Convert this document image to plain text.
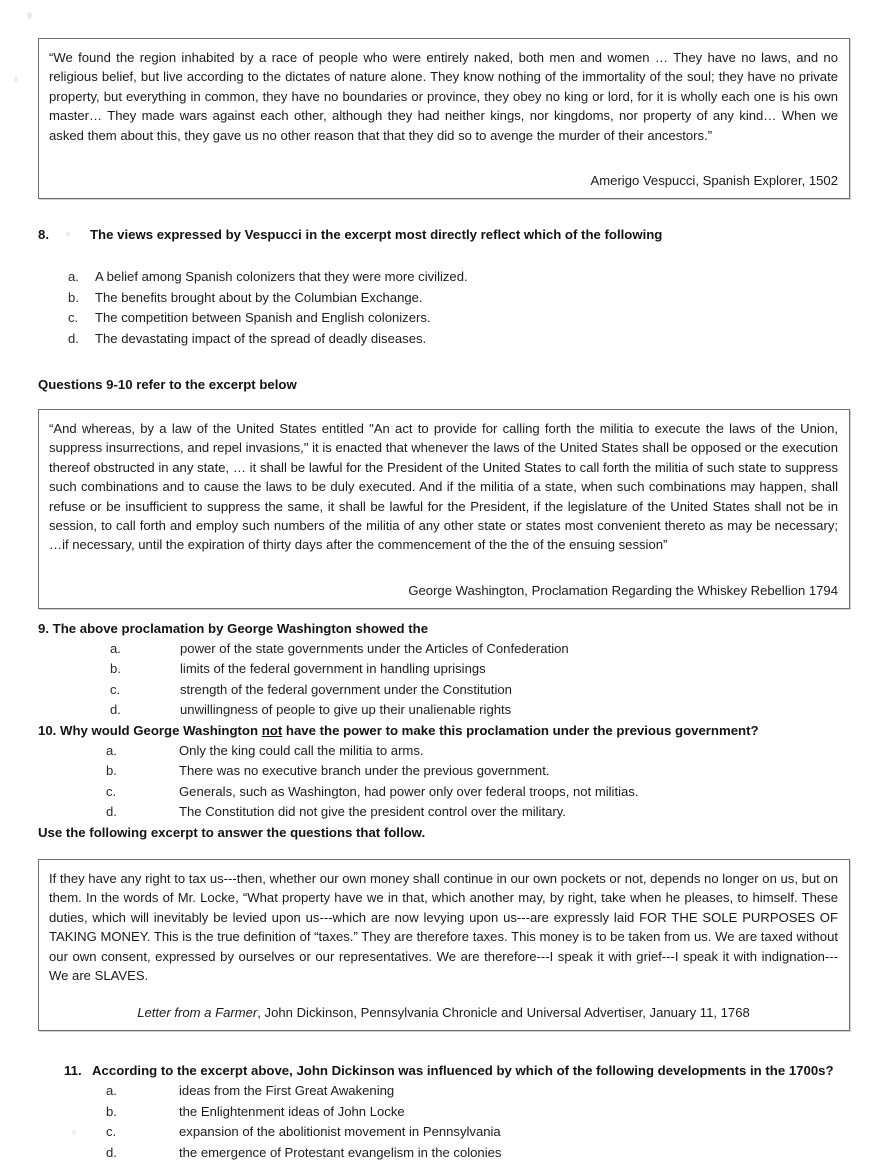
“We found the region inhabited by a race of people who were entirely naked, both men and women … They have no laws, and no religious belief, but live according to the dictates of nature alone. They know nothing of the immortality of the soul; they have no private property, but everything in common, they have no boundaries or province, they obey no king or lord, for it is wholly each one is his own master… They made wars against each other, although they had neither kings, nor kingdoms, nor property of any kind… When we asked them about this, they gave us no other reason that that they did so to avenge the murder of their ancestors.”

Amerigo Vespucci, Spanish Explorer, 1502

8.	The views expressed by Vespucci in the excerpt most directly reflect which of the following
a.	A belief among Spanish colonizers that they were more civilized.
b.	The benefits brought about by the Columbian Exchange.
c.	The competition between Spanish and English colonizers.
d.	The devastating impact of the spread of deadly diseases.
Questions 9-10 refer to the excerpt below

“And whereas, by a law of the United States entitled "An act to provide for calling forth the militia to execute the laws of the Union, suppress insurrections, and repel invasions," it is enacted that whenever the laws of the United States shall be opposed or the execution thereof obstructed in any state, … it shall be lawful for the President of the United States to call forth the militia of such state to suppress such combinations and to cause the laws to be duly executed. And if the militia of a state, when such combinations may happen, shall refuse or be insufficient to suppress the same, it shall be lawful for the President, if the legislature of the United States shall not be in session, to call forth and employ such numbers of the militia of any other state or states most convenient thereto as may be necessary; …if necessary, until the expiration of thirty days after the commencement of the the of the ensuing session”

George Washington, Proclamation Regarding the Whiskey Rebellion 1794

9. The above proclamation by George Washington showed the
a.	power of the state governments under the Articles of Confederation
b.	limits of the federal government in handling uprisings
c.	strength of the federal government under the Constitution
d.	unwillingness of people to give up their unalienable rights
10. Why would George Washington not have the power to make this proclamation under the previous government?
a.	Only the king could call the militia to arms.
b.	There was no executive branch under the previous government.
c.	Generals, such as Washington, had power only over federal troops, not militias.
d.	The Constitution did not give the president control over the military.
Use the following excerpt to answer the questions that follow.

If they have any right to tax us---then, whether our own money shall continue in our own pockets or not, depends no longer on us, but on them. In the words of Mr. Locke, “What property have we in that, which another may, by right, take when he pleases, to himself. These duties, which will inevitably be levied upon us---which are now levying upon us---are expressly laid FOR THE SOLE PURPOSES OF TAKING MONEY. This is the true definition of “taxes.” They are therefore taxes. This money is to be taken from us. We are taxed without our own consent, expressed by ourselves or our representatives. We are therefore---I speak it with grief---I speak it with indignation---We are SLAVES.

Letter from a Farmer, John Dickinson, Pennsylvania Chronicle and Universal Advertiser, January 11, 1768

11. According to the excerpt above, John Dickinson was influenced by which of the following developments in the 1700s?
a.	ideas from the First Great Awakening
b.	the Enlightenment ideas of John Locke
c.	expansion of the abolitionist movement in Pennsylvania
d.	the emergence of Protestant evangelism in the colonies
